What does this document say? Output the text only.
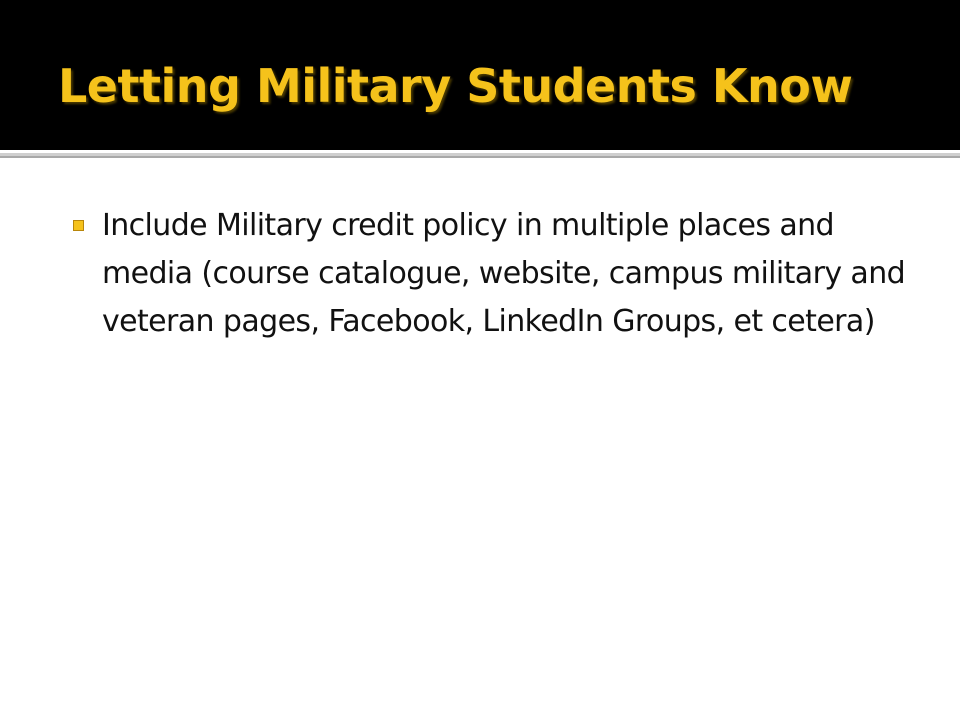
Letting Military Students Know
Include Military credit policy in multiple places and media (course catalogue, website, campus military and veteran pages, Facebook, LinkedIn Groups, et cetera)
